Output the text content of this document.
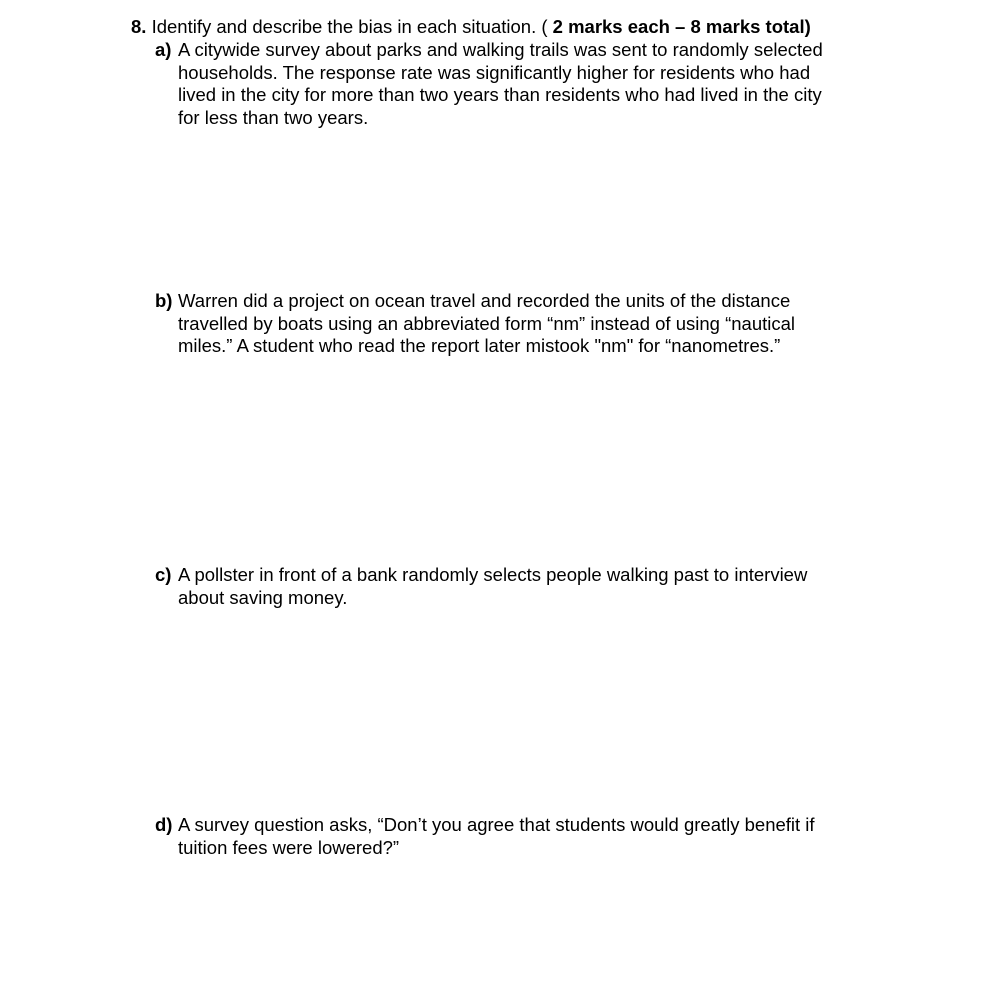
8. Identify and describe the bias in each situation. ( 2 marks each – 8 marks total)
a) A citywide survey about parks and walking trails was sent to randomly selected
households. The response rate was significantly higher for residents who had
lived in the city for more than two years than residents who had lived in the city
for less than two years.
b) Warren did a project on ocean travel and recorded the units of the distance
travelled by boats using an abbreviated form “nm” instead of using “nautical
miles.” A student who read the report later mistook "nm" for “nanometres.”
c) A pollster in front of a bank randomly selects people walking past to interview
about saving money.
d) A survey question asks, “Don’t you agree that students would greatly benefit if
tuition fees were lowered?”
